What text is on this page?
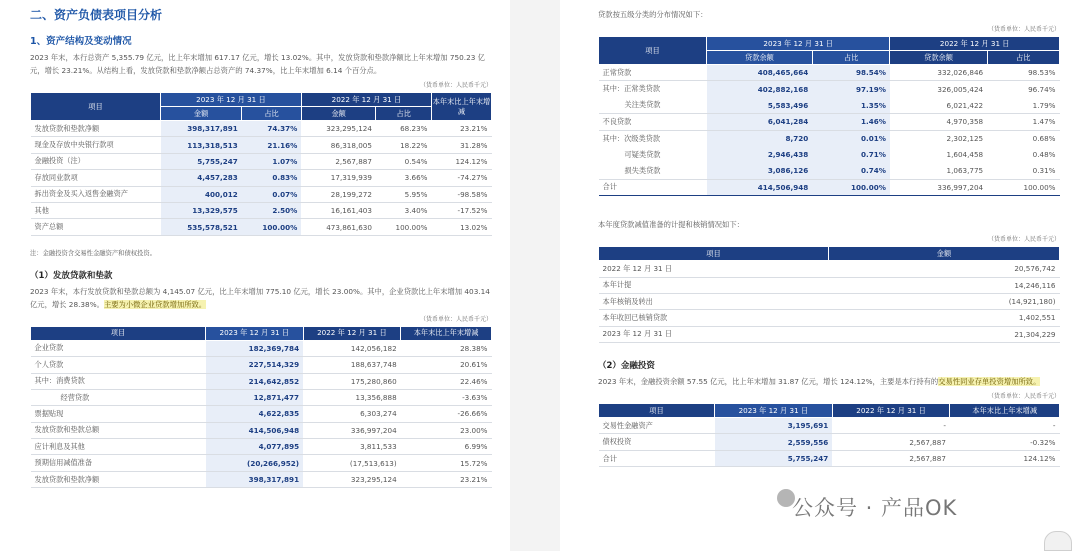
二、资产负债表项目分析
1、资产结构及变动情况
2023 年末，本行总资产 5,355.79 亿元，比上年末增加 617.17 亿元，增长 13.02%。其中，发放贷款和垫款净额比上年末增加 750.23 亿元，增长 23.21%。从结构上看，发放贷款和垫款净额占总资产的 74.37%，比上年末增加 6.14 个百分点。
（货币单位：人民币千元）
项目	2023 年 12 月 31 日		2022 年 12 月 31 日		本年末比上年末增减
	金额	占比	金额	占比	
发放贷款和垫款净额	398,317,891	74.37%	323,295,124	68.23%	23.21%
现金及存放中央银行款项	113,318,513	21.16%	86,318,005	18.22%	31.28%
金融投资（注）	5,755,247	1.07%	2,567,887	0.54%	124.12%
存放同业款项	4,457,283	0.83%	17,319,939	3.66%	-74.27%
拆出资金及买入返售金融资产	400,012	0.07%	28,199,272	5.95%	-98.58%
其他	13,329,575	2.50%	16,161,403	3.40%	-17.52%
资产总额	535,578,521	100.00%	473,861,630	100.00%	13.02%
注：金融投资含交易性金融资产和债权投资。
（1）发放贷款和垫款
2023 年末，本行发放贷款和垫款总额为 4,145.07 亿元，比上年末增加 775.10 亿元，增长 23.00%。其中，企业贷款比上年末增加 403.14 亿元，增长 28.38%。主要为小微企业贷款增加所致。
（货币单位：人民币千元）
项目	2023 年 12 月 31 日	2022 年 12 月 31 日	本年末比上年末增减
企业贷款	182,369,784	142,056,182	28.38%
个人贷款	227,514,329	188,637,748	20.61%
其中：消费贷款	214,642,852	175,280,860	22.46%
经营贷款	12,871,477	13,356,888	-3.63%
票据贴现	4,622,835	6,303,274	-26.66%
发放贷款和垫款总额	414,506,948	336,997,204	23.00%
应计利息及其他	4,077,895	3,811,533	6.99%
预期信用减值准备	(20,266,952)	(17,513,613)	15.72%
发放贷款和垫款净额	398,317,891	323,295,124	23.21%
贷款按五级分类的分布情况如下：
（货币单位：人民币千元）
项目	2023 年 12 月 31 日		2022 年 12 月 31 日	
	贷款余额	占比	贷款余额	占比
正常贷款	408,465,664	98.54%	332,026,846	98.53%
其中：正常类贷款	402,882,168	97.19%	326,005,424	96.74%
关注类贷款	5,583,496	1.35%	6,021,422	1.79%
不良贷款	6,041,284	1.46%	4,970,358	1.47%
其中：次级类贷款	8,720	0.01%	2,302,125	0.68%
可疑类贷款	2,946,438	0.71%	1,604,458	0.48%
损失类贷款	3,086,126	0.74%	1,063,775	0.31%
合计	414,506,948	100.00%	336,997,204	100.00%
本年度贷款减值准备的计提和核销情况如下：
（货币单位：人民币千元）
项目	金额
2022 年 12 月 31 日	20,576,742
本年计提	14,246,116
本年核销及转出	(14,921,180)
本年收回已核销贷款	1,402,551
2023 年 12 月 31 日	21,304,229
（2）金融投资
2023 年末，金融投资余额 57.55 亿元，比上年末增加 31.87 亿元，增长 124.12%，主要是本行持有的交易性同业存单投资增加所致。
（货币单位：人民币千元）
项目	2023 年 12 月 31 日	2022 年 12 月 31 日	本年末比上年末增减
交易性金融资产	3,195,691	-	-
债权投资	2,559,556	2,567,887	-0.32%
合计	5,755,247	2,567,887	124.12%
公众号 · 产品OK
